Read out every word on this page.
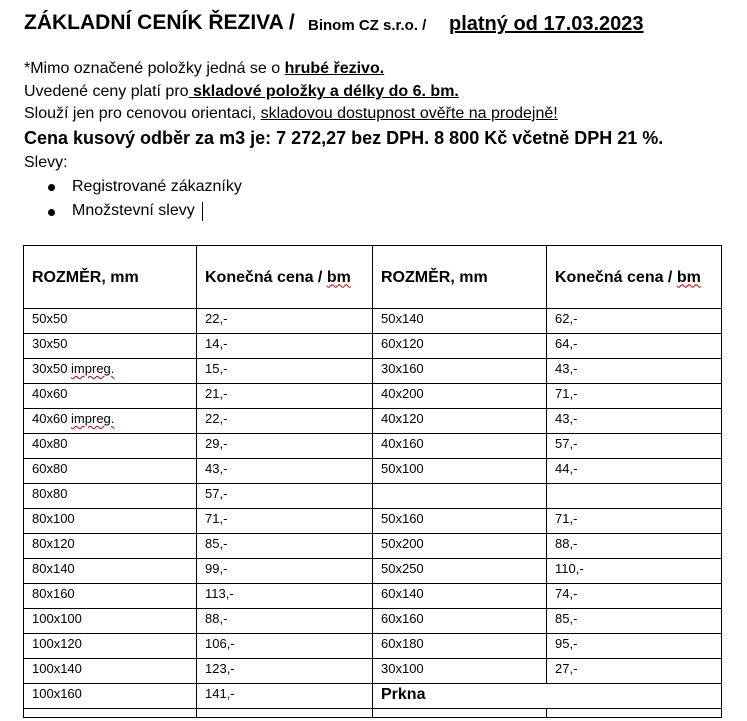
ZÁKLADNÍ CENÍK ŘEZIVA / Binom CZ s.r.o. / platný od 17.03.2023
*Mimo označené položky jedná se o hrubé řezivo.
Uvedené ceny platí pro skladové položky a délky do 6. bm.
Slouží jen pro cenovou orientaci, skladovou dostupnost ověřte na prodejně!
Cena kusový odběr za m3 je: 7 272,27 bez DPH. 8 800 Kč včetně DPH 21 %.
Slevy:
Registrované zákazníky
Množstevní slevy
ROZMĚR, mm	Konečná cena / bm	ROZMĚR, mm	Konečná cena / bm
50x50	22,-	50x140	62,-
30x50	14,-	60x120	64,-
30x50 impreg.	15,-	30x160	43,-
40x60	21,-	40x200	71,-
40x60 impreg.	22,-	40x120	43,-
40x80	29,-	40x160	57,-
60x80	43,-	50x100	44,-
80x80	57,-		
80x100	71,-	50x160	71,-
80x120	85,-	50x200	88,-
80x140	99,-	50x250	110,-
80x160	113,-	60x140	74,-
100x100	88,-	60x160	85,-
100x120	106,-	60x180	95,-
100x140	123,-	30x100	27,-
100x160	141,-	Prkna	
